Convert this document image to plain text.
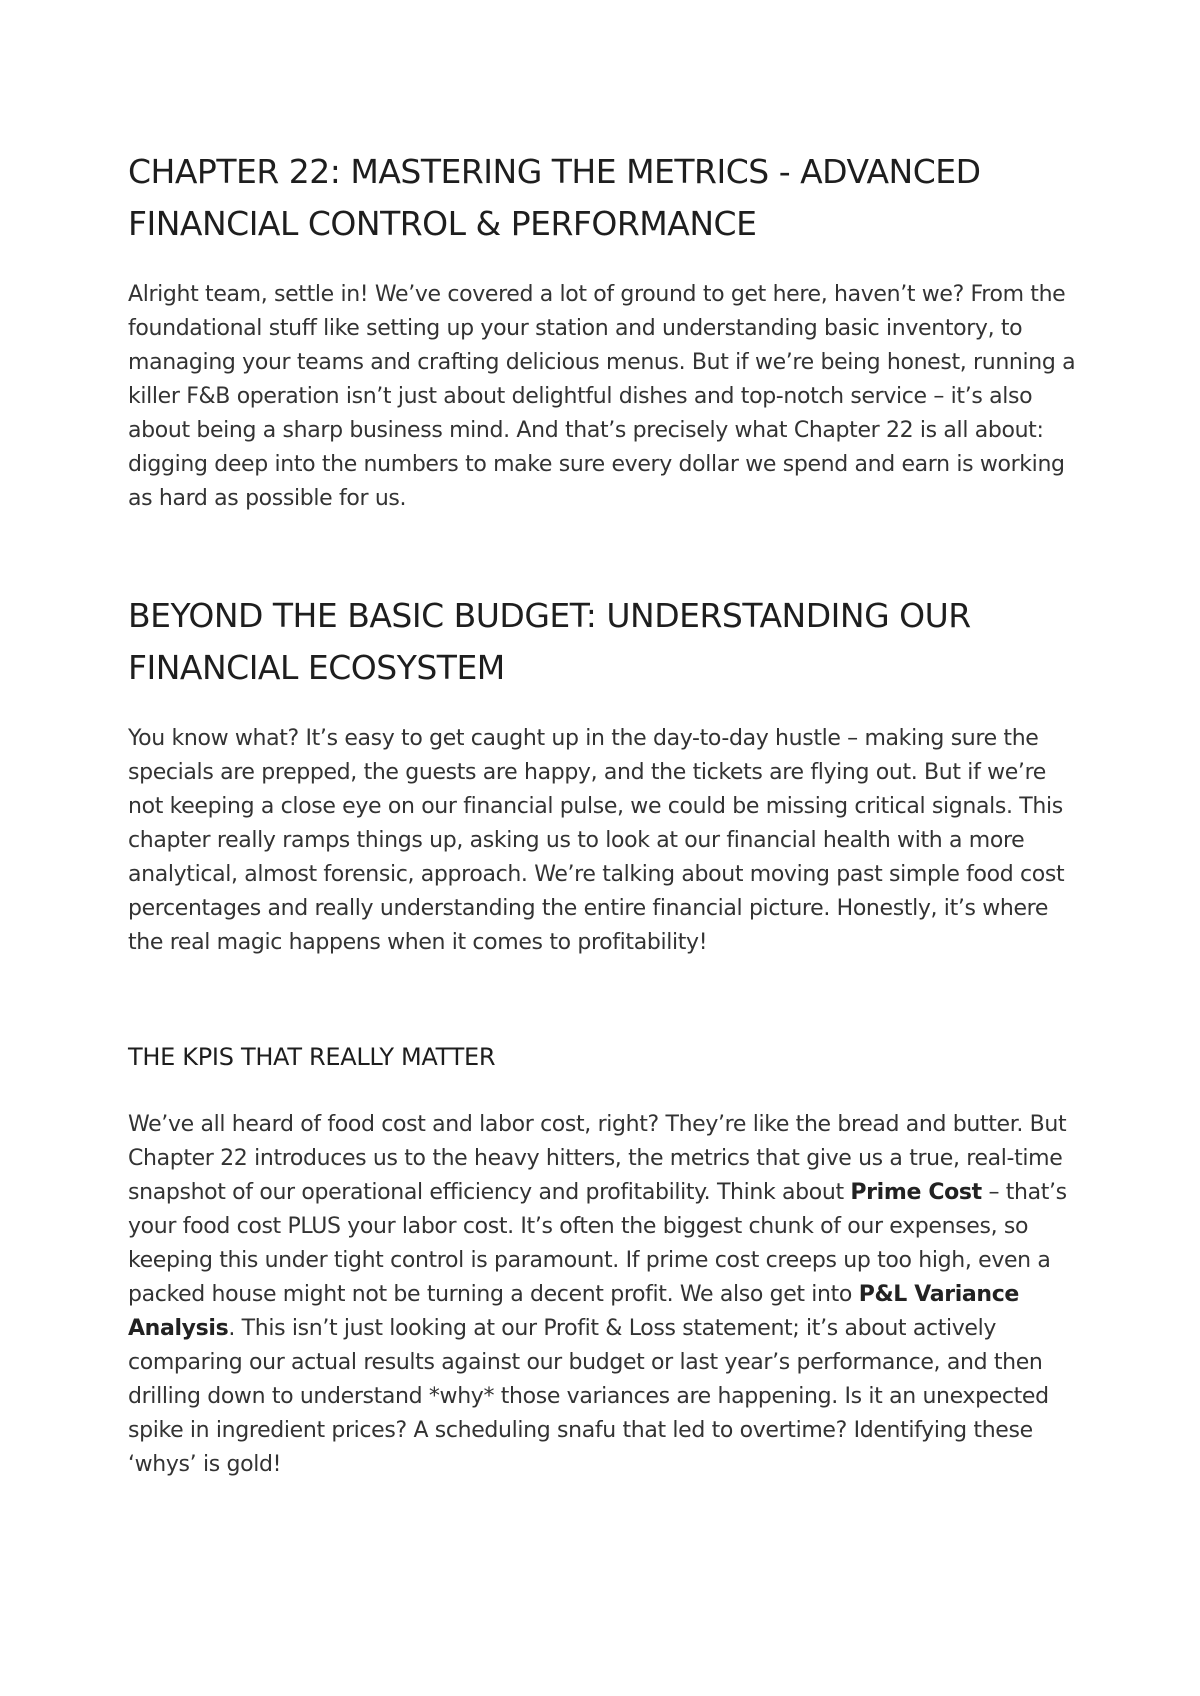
CHAPTER 22: MASTERING THE METRICS - ADVANCED FINANCIAL CONTROL & PERFORMANCE

Alright team, settle in! We’ve covered a lot of ground to get here, haven’t we? From the foundational stuff like setting up your station and understanding basic inventory, to managing your teams and crafting delicious menus. But if we’re being honest, running a killer F&B operation isn’t just about delightful dishes and top-notch service – it’s also about being a sharp business mind. And that’s precisely what Chapter 22 is all about: digging deep into the numbers to make sure every dollar we spend and earn is working as hard as possible for us.

BEYOND THE BASIC BUDGET: UNDERSTANDING OUR FINANCIAL ECOSYSTEM

You know what? It’s easy to get caught up in the day-to-day hustle – making sure the specials are prepped, the guests are happy, and the tickets are flying out. But if we’re not keeping a close eye on our financial pulse, we could be missing critical signals. This chapter really ramps things up, asking us to look at our financial health with a more analytical, almost forensic, approach. We’re talking about moving past simple food cost percentages and really understanding the entire financial picture. Honestly, it’s where the real magic happens when it comes to profitability!

THE KPIS THAT REALLY MATTER

We’ve all heard of food cost and labor cost, right? They’re like the bread and butter. But Chapter 22 introduces us to the heavy hitters, the metrics that give us a true, real-time snapshot of our operational efficiency and profitability. Think about Prime Cost – that’s your food cost PLUS your labor cost. It’s often the biggest chunk of our expenses, so keeping this under tight control is paramount. If prime cost creeps up too high, even a packed house might not be turning a decent profit. We also get into P&L Variance Analysis. This isn’t just looking at our Profit & Loss statement; it’s about actively comparing our actual results against our budget or last year’s performance, and then drilling down to understand *why* those variances are happening. Is it an unexpected spike in ingredient prices? A scheduling snafu that led to overtime? Identifying these ‘whys’ is gold!
